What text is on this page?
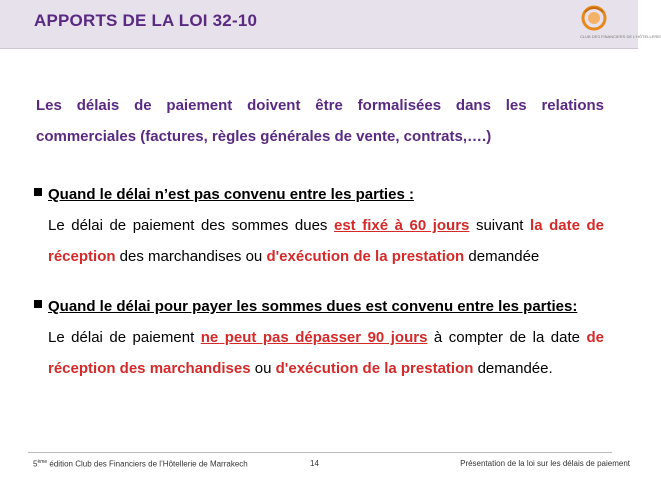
APPORTS DE LA LOI 32-10
CLUB DES FINANCIERS DE L'HÔTELLERIE
Les délais de paiement doivent être formalisées dans les relations commerciales (factures, règles générales de vente, contrats,….)
Quand le délai n’est pas convenu entre les parties :
Le délai de paiement des sommes dues est fixé à 60 jours suivant la date de réception des marchandises ou d'exécution de la prestation demandée
Quand le délai pour payer les sommes dues est convenu entre les parties:
Le délai de paiement ne peut pas dépasser 90 jours à compter de la date de réception des marchandises ou d'exécution de la prestation demandée.
5ème édition Club des Financiers de l’Hôtellerie de Marrakech	14	Présentation de la loi sur les délais de paiement
